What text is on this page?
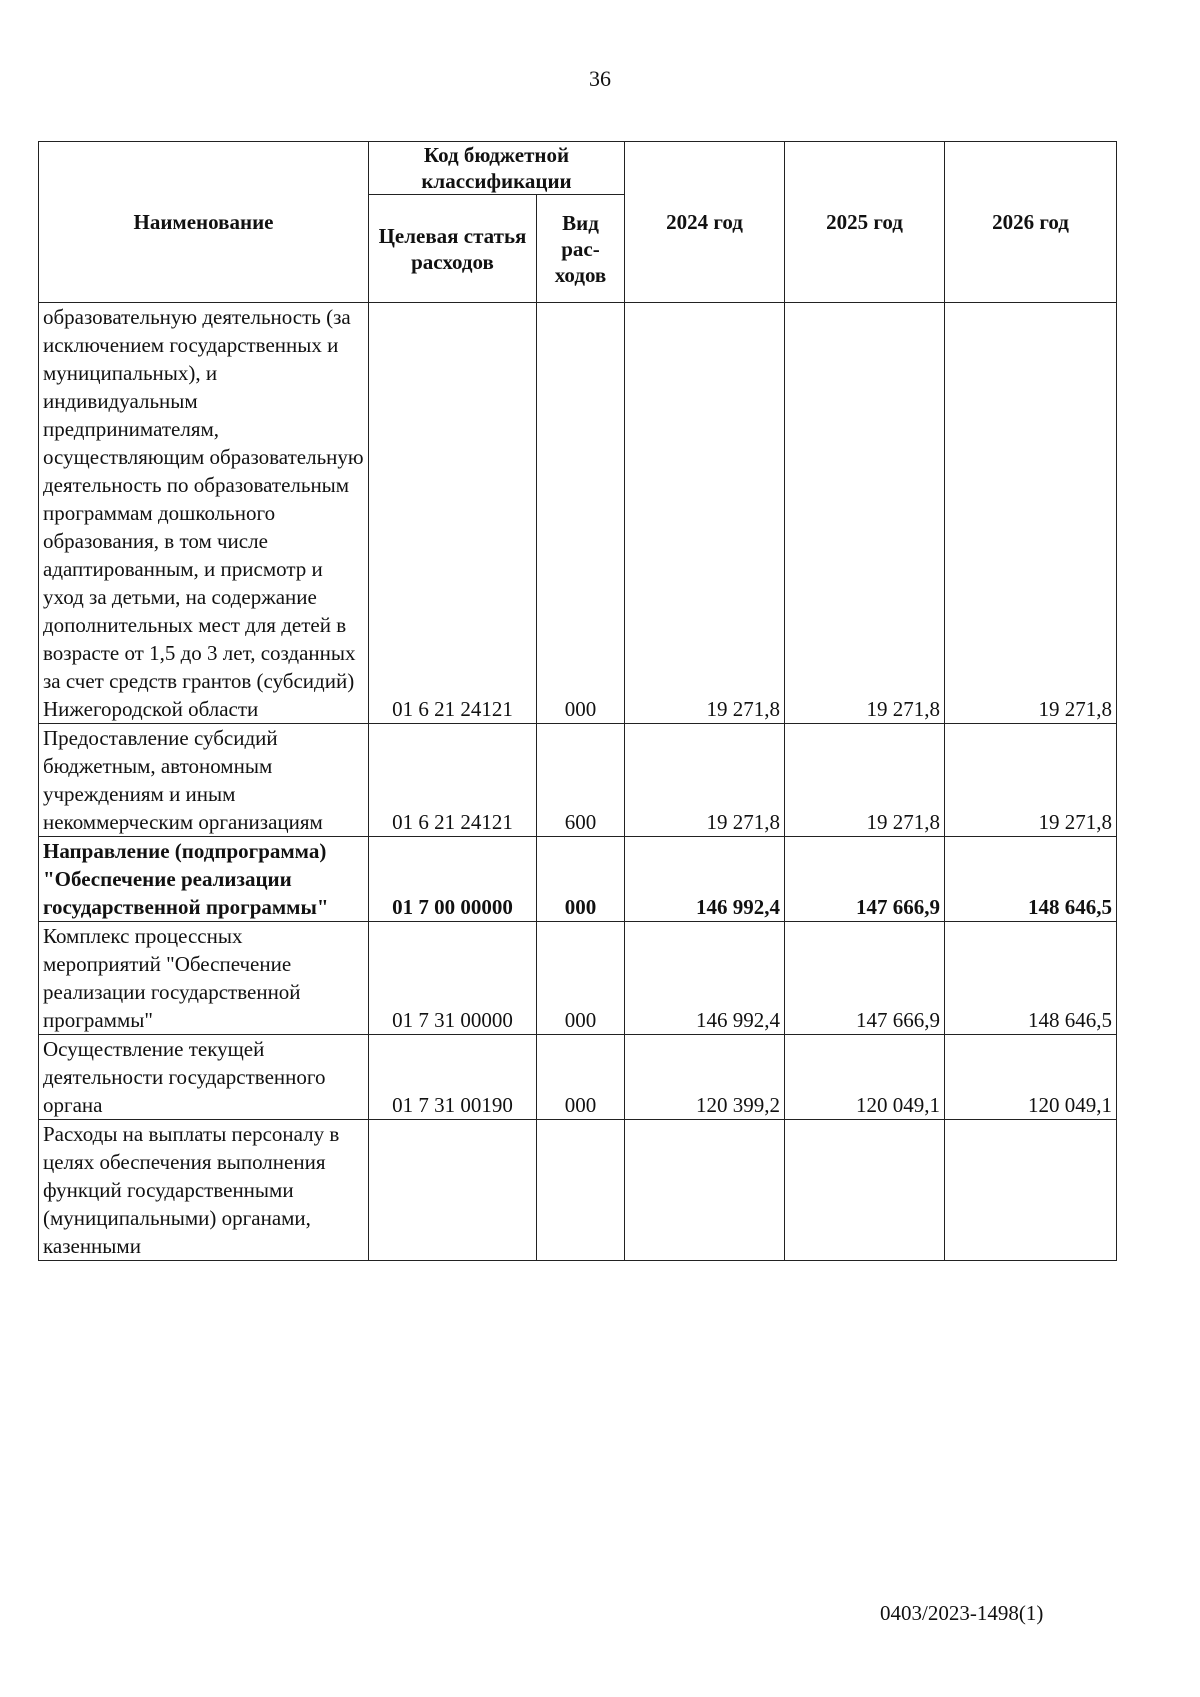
36
Наименование	Код бюджетной классификации		2024 год	2025 год	2026 год
	Целевая статья расходов	Вид рас-ходов			
образовательную деятельность (за исключением государственных и муниципальных), и индивидуальным предпринимателям, осуществляющим образовательную деятельность по образовательным программам дошкольного образования, в том числе адаптированным, и присмотр и уход за детьми, на содержание дополнительных мест для детей в возрасте от 1,5 до 3 лет, созданных за счет средств грантов (субсидий) Нижегородской области	01 6 21 24121	000	19 271,8	19 271,8	19 271,8
Предоставление субсидий бюджетным, автономным учреждениям и иным некоммерческим организациям	01 6 21 24121	600	19 271,8	19 271,8	19 271,8
Направление (подпрограмма) "Обеспечение реализации государственной программы"	01 7 00 00000	000	146 992,4	147 666,9	148 646,5
Комплекс процессных мероприятий "Обеспечение реализации государственной программы"	01 7 31 00000	000	146 992,4	147 666,9	148 646,5
Осуществление текущей деятельности государственного органа	01 7 31 00190	000	120 399,2	120 049,1	120 049,1
Расходы на выплаты персоналу в целях обеспечения выполнения функций государственными (муниципальными) органами, казенными					
0403/2023-1498(1)
